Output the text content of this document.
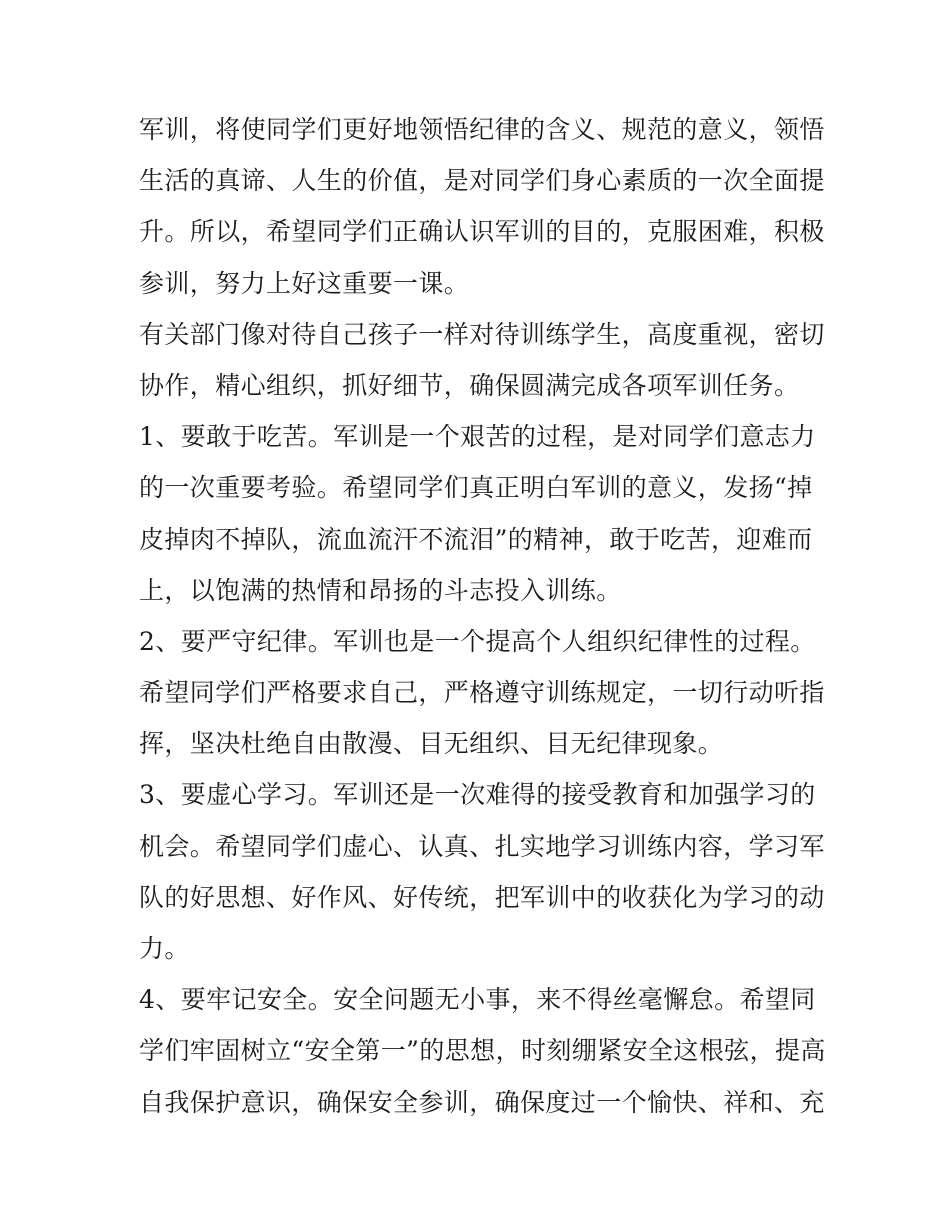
军训，将使同学们更好地领悟纪律的含义、规范的意义，领悟
生活的真谛、人生的价值，是对同学们身心素质的一次全面提
升。所以，希望同学们正确认识军训的目的，克服困难，积极
参训，努力上好这重要一课。
有关部门像对待自己孩子一样对待训练学生，高度重视，密切
协作，精心组织，抓好细节，确保圆满完成各项军训任务。
1、要敢于吃苦。军训是一个艰苦的过程，是对同学们意志力
的一次重要考验。希望同学们真正明白军训的意义，发扬“掉
皮掉肉不掉队，流血流汗不流泪”的精神，敢于吃苦，迎难而
上，以饱满的热情和昂扬的斗志投入训练。
2、要严守纪律。军训也是一个提高个人组织纪律性的过程。
希望同学们严格要求自己，严格遵守训练规定，一切行动听指
挥，坚决杜绝自由散漫、目无组织、目无纪律现象。
3、要虚心学习。军训还是一次难得的接受教育和加强学习的
机会。希望同学们虚心、认真、扎实地学习训练内容，学习军
队的好思想、好作风、好传统，把军训中的收获化为学习的动
力。
4、要牢记安全。安全问题无小事，来不得丝毫懈怠。希望同
学们牢固树立“安全第一”的思想，时刻绷紧安全这根弦，提高
自我保护意识，确保安全参训，确保度过一个愉快、祥和、充
